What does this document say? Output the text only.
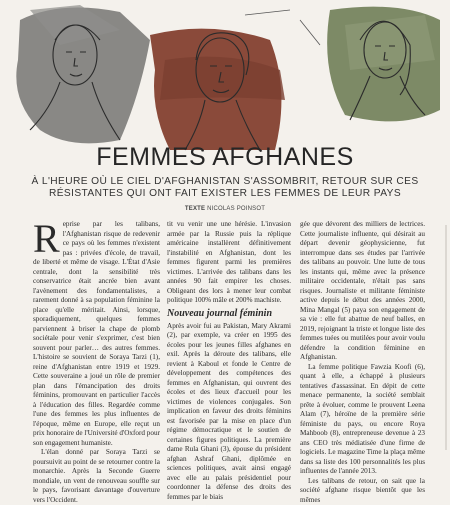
FEMMES AFGHANES
À L'HEURE OÙ LE CIEL D'AFGHANISTAN S'ASSOMBRIT, RETOUR SUR CES RÉSISTANTES QUI ONT FAIT EXISTER LES FEMMES DE LEUR PAYS
TEXTE NICOLAS POINSOT

Reprise par les talibans, l'Afghanistan risque de redevenir ce pays où les femmes n'existent pas : privées d'école, de travail, de liberté et même de visage. L'État d'Asie centrale, dont la sensibilité très conservatrice était ancrée bien avant l'avènement des fondamentalistes, a rarement donné à sa population féminine la place qu'elle méritait. Ainsi, lorsque, sporadiquement, quelques femmes parviennent à briser la chape de plomb sociétale pour venir s'exprimer, c'est bien souvent pour parler… des autres femmes. L'histoire se souvient de Soraya Tarzi (1), reine d'Afghanistan entre 1919 et 1929. Cette souveraine a joué un rôle de premier plan dans l'émancipation des droits féminins, promouvant en particulier l'accès à l'éducation des filles. Regardée comme l'une des femmes les plus influentes de l'époque, même en Europe, elle reçut un prix honoraire de l'Université d'Oxford pour son engagement humaniste.

L'élan donné par Soraya Tarzi se poursuivit au point de se retourner contre la monarchie. Après la Seconde Guerre mondiale, un vent de renouveau souffle sur le pays, favorisant davantage d'ouverture vers l'Occident.

tit vu venir une une hérésie. L'invasion armée par la Russie puis la réplique américaine installèrent définitivement l'instabilité en Afghanistan, dont les femmes figurent parmi les premières victimes. L'arrivée des talibans dans les années 90 fait empirer les choses. Obligeant des lors à mener leur combat politique 100% mâle et 200% machiste.

Nouveau journal féminin

Après avoir fui au Pakistan, Mary Akrami (2), par exemple, va créer en 1995 des écoles pour les jeunes filles afghanes en exil. Après la déroute des talibans, elle revient à Kaboul et fonde le Centre de développement des compétences des femmes en Afghanistan, qui ouvrent des écoles et des lieux d'accueil pour les victimes de violences conjugales. Son implication en faveur des droits féminins est favorisée par la mise en place d'un régime démocratique et le soutien de certaines figures politiques. La première dame Rula Ghani (3), épouse du président afghan Ashraf Ghani, diplômée en sciences politiques, avait ainsi engagé avec elle au palais présidentiel pour coordonner la défense des droits des femmes par le biais

gée que dévorent des milliers de lectrices. Cette journaliste influente, qui désirait au départ devenir géophysicienne, fut interrompue dans ses études par l'arrivée des talibans au pouvoir. Une lutte de tous les instants qui, même avec la présence militaire occidentale, n'était pas sans risques. Journaliste et militante féministe active depuis le début des années 2000, Mina Mangal (5) paya son engagement de sa vie : elle fut abattue de neuf balles, en 2019, rejoignant la triste et longue liste des femmes tuées ou mutilées pour avoir voulu défendre la condition féminine en Afghanistan.

La femme politique Fawzia Koofi (6), quant à elle, a échappé à plusieurs tentatives d'assassinat. En dépit de cette menace permanente, la société semblait prête à évoluer, comme le prouvent Leena Alam (7), héroïne de la première série féministe du pays, ou encore Roya Mahboob (8), entrepreneuse devenue à 23 ans CEO très médiatisée d'une firme de logiciels. Le magazine Time la plaça même dans sa liste des 100 personnalités les plus influentes de l'année 2013.

Les talibans de retour, on sait que la société afghane risque bientôt que les mêmes
